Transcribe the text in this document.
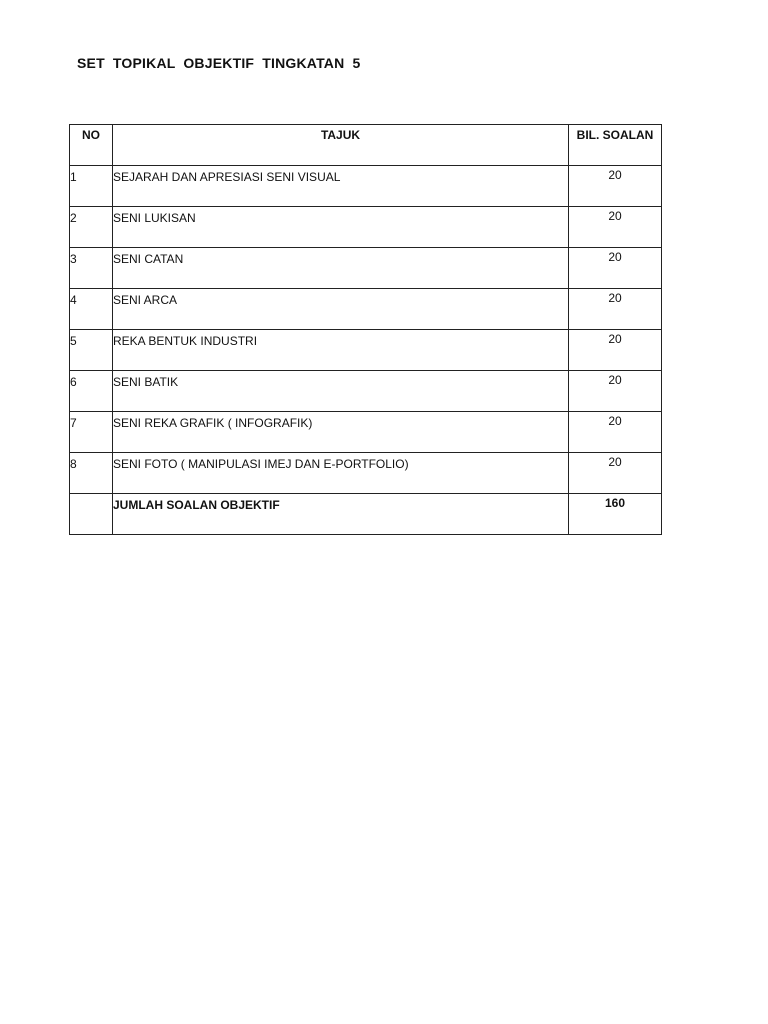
SET TOPIKAL OBJEKTIF TINGKATAN 5
NO	TAJUK	BIL. SOALAN
1	SEJARAH DAN APRESIASI SENI VISUAL	20
2	SENI LUKISAN	20
3	SENI CATAN	20
4	SENI ARCA	20
5	REKA BENTUK INDUSTRI	20
6	SENI BATIK	20
7	SENI REKA GRAFIK ( INFOGRAFIK)	20
8	SENI FOTO ( MANIPULASI IMEJ DAN E-PORTFOLIO)	20
	JUMLAH SOALAN OBJEKTIF	160
